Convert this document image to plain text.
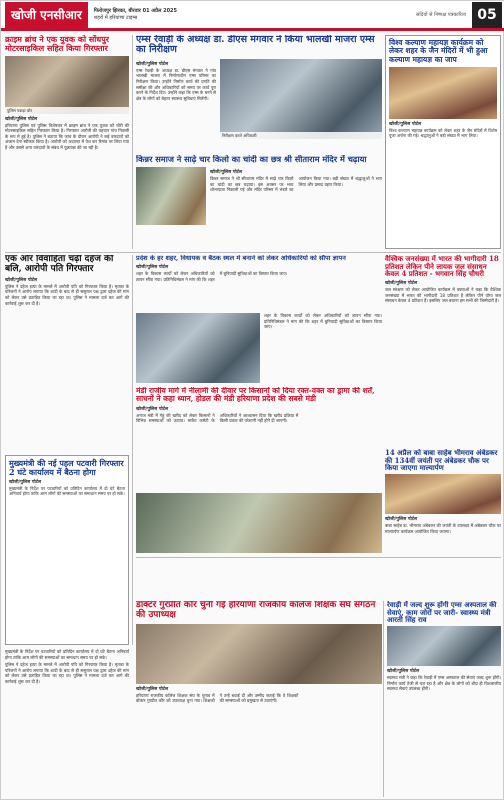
खोजी एनसीआर	फिरोजपुर झिरका, बीरवार 01 अप्रैल 2025
शहरों में हरियाणा टाइम्स	सदियों से निष्पक्ष पत्रकारिता 05
क्राइम ब्रांच ने एक युवक को सोंधपुर मोटरसाइकिल सहित किया गिरफ्तार
पुलिस पकड़ा चोर
खोजी/पुलिस पोर्टल
हरियाणा पुलिस एवं पुलिस विशेषकर में क्राइम ब्रांच ने एक युवक को चोरी की मोटरसाइकिल सहित गिरफ्तार किया है। गिरफ्तार आरोपी की पहचान गांव निवासी के रूप में हुई है। पुलिस ने बताया कि जांच के दौरान आरोपी ने कई वारदातों को अंजाम देना स्वीकार किया है। आरोपी को अदालत में पेश कर रिमांड पर लिया गया है और उससे अन्य वारदातों के संबंध में पूछताछ की जा रही है।
एम्स रेवाड़ी के अध्यक्ष डा. डीएस मंगवार ने किया भालखी माजरा एम्स का निरीक्षण
खोजी/पुलिस पोर्टल
एम्स रेवाड़ी के अध्यक्ष डा. डीएस मंगवार ने गांव भालखी माजरा में निर्माणाधीन एम्स परिसर का निरीक्षण किया। उन्होंने निर्माण कार्य की प्रगति की समीक्षा की और अधिकारियों को समय पर कार्य पूरा करने के निर्देश दिए। उन्होंने कहा कि एम्स के बनने से क्षेत्र के लोगों को बेहतर स्वास्थ्य सुविधाएं मिलेंगी।
निरीक्षण करते अधिकारी
विश्व कल्याण महायज्ञ कार्यक्रम को लेकर शहर के जैन मंदिरों में भी हुआ कल्याण महायज्ञ का जाप
खोजी/पुलिस पोर्टल
विश्व कल्याण महायज्ञ कार्यक्रम को लेकर शहर के जैन मंदिरों में विशेष पूजा अर्चना की गई। श्रद्धालुओं ने बड़ी संख्या में भाग लिया।
किन्नर समाज ने साढ़े चार किलो का चांदी का छत्र श्री सीताराम मंदिर में चढ़ाया
खोजी/पुलिस पोर्टल
किन्नर समाज ने श्री सीताराम मंदिर में साढ़े चार किलो का चांदी का छत्र चढ़ाया। इस अवसर पर भव्य शोभायात्रा निकाली गई और मंदिर परिसर में भंडारे का आयोजन किया गया। बड़ी संख्या में श्रद्धालुओं ने भाग लिया और प्रसाद ग्रहण किया।
प्रदेश के हर शहर, विधायक व बैठक स्थल में बनाने को लेकर अधिकारियों को सौंपा ज्ञापन
खोजी/पुलिस पोर्टल
शहर के विकास कार्यों को लेकर अधिकारियों को ज्ञापन सौंपा गया। प्रतिनिधिमंडल ने मांग की कि शहर में बुनियादी सुविधाओं का विस्तार किया जाए।
एक और विवाहिता चढ़ी दहेज की बलि, आरोपी पति गिरफ्तार
खोजी/पुलिस पोर्टल
पुलिस ने दहेज हत्या के मामले में आरोपी पति को गिरफ्तार किया है। मृतका के परिजनों ने आरोप लगाया कि शादी के बाद से ही ससुराल पक्ष द्वारा दहेज की मांग को लेकर उसे प्रताड़ित किया जा रहा था। पुलिस ने मामला दर्ज कर आगे की कार्रवाई शुरू कर दी है।
वैश्विक जनसंख्या में भारत की भागीदारी 18 प्रतिशत लेकिन पीने लायक जल संसाधन केवल 4 प्रतिशत - भगवान सिंह चौधरी
खोजी/पुलिस पोर्टल
जल संरक्षण को लेकर आयोजित कार्यक्रम में वक्ताओं ने कहा कि वैश्विक जनसंख्या में भारत की भागीदारी 18 प्रतिशत है लेकिन पीने योग्य जल संसाधन केवल 4 प्रतिशत हैं। इसलिए जल बचाना हम सभी की जिम्मेदारी है।
शहर के विकास कार्यों को लेकर अधिकारियों को ज्ञापन सौंपा गया। प्रतिनिधिमंडल ने मांग की कि शहर में बुनियादी सुविधाओं का विस्तार किया जाए।
मंडी राजीव मार्ग में नीलामी की दीवार पर किसानों को दिया रक्त-वक्त का ड्रामा की शर्तें, साधनों ने कहा ध्यान, होडल की मंडी हरियाणा प्रदेश की सबसे मंडी
खोजी/पुलिस पोर्टल
अनाज मंडी में गेहूं की खरीद को लेकर किसानों ने विभिन्न समस्याओं को उठाया। मार्केट कमेटी के अधिकारियों ने आश्वासन दिया कि खरीद प्रक्रिया में किसी प्रकार की परेशानी नहीं होने दी जाएगी।
14 अप्रैल को बाबा साहेब भीमराव अंबेडकर की 134वीं जयंती पर अंबेडकर चौक पर किया जाएगा माल्यार्पण
खोजी/पुलिस पोर्टल
बाबा साहेब डा. भीमराव अंबेडकर की जयंती के उपलक्ष्य में अंबेडकर चौक पर माल्यार्पण कार्यक्रम आयोजित किया जाएगा।
मुख्यमंत्री की नई पहल पटवारी गिरफ्तार 2 घंटे कार्यालय में बैठना होगा
खोजी/पुलिस पोर्टल
मुख्यमंत्री के निर्देश पर पटवारियों को प्रतिदिन कार्यालय में दो घंटे बैठना अनिवार्य होगा ताकि आम लोगों की समस्याओं का समाधान समय पर हो सके।
डॉक्टर गुरप्रीत कौर चुनी गई हरियाणा राजकीय कॉलेज शिक्षक संघ संगठन की उपाध्यक्ष
खोजी/पुलिस पोर्टल
हरियाणा राजकीय कॉलेज शिक्षक संघ के चुनाव में डॉक्टर गुरप्रीत कौर को उपाध्यक्ष चुना गया। शिक्षकों ने उन्हें बधाई दी और उम्मीद जताई कि वे शिक्षकों की समस्याओं को प्रमुखता से उठाएंगी।
रेवाड़ी में जल्द शुरू होंगी एम्स अस्पताल की सेवाएं, काम जोरों पर जारी- स्वास्थ्य मंत्री आरती सिंह राव
खोजी/पुलिस पोर्टल
स्वास्थ्य मंत्री ने कहा कि रेवाड़ी में एम्स अस्पताल की सेवाएं जल्द शुरू होंगी। निर्माण कार्य तेजी से चल रहा है और क्षेत्र के लोगों को शीघ्र ही विश्वस्तरीय स्वास्थ्य सेवाएं उपलब्ध होंगी।
मुख्यमंत्री के निर्देश पर पटवारियों को प्रतिदिन कार्यालय में दो घंटे बैठना अनिवार्य होगा ताकि आम लोगों की समस्याओं का समाधान समय पर हो सके।
पुलिस ने दहेज हत्या के मामले में आरोपी पति को गिरफ्तार किया है। मृतका के परिजनों ने आरोप लगाया कि शादी के बाद से ही ससुराल पक्ष द्वारा दहेज की मांग को लेकर उसे प्रताड़ित किया जा रहा था। पुलिस ने मामला दर्ज कर आगे की कार्रवाई शुरू कर दी है।
